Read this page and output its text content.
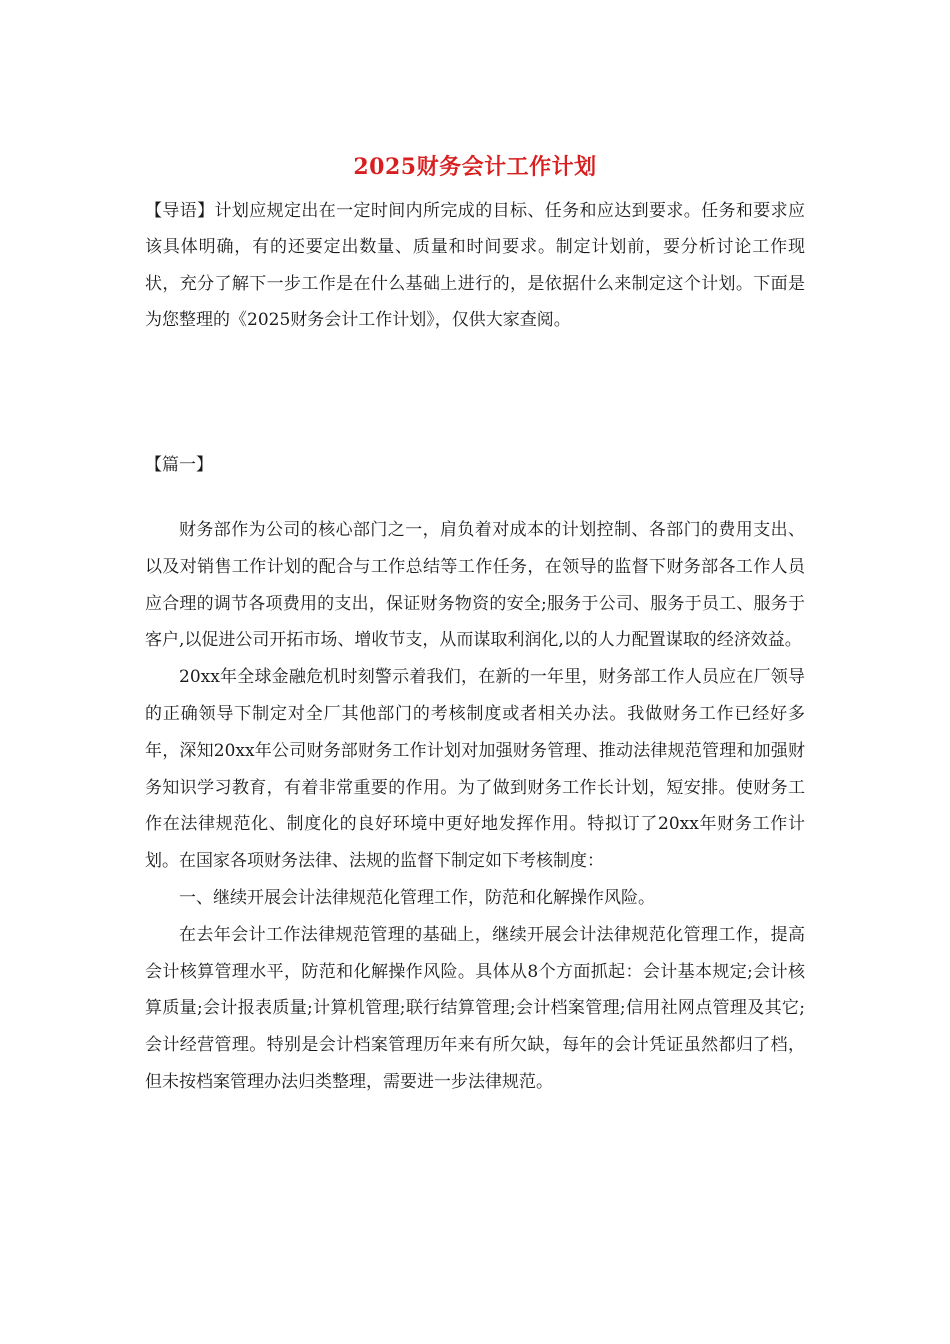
2025财务会计工作计划

【导语】计划应规定出在一定时间内所完成的目标、任务和应达到要求。任务和要求应该具体明确，有的还要定出数量、质量和时间要求。制定计划前，要分析讨论工作现状，充分了解下一步工作是在什么基础上进行的，是依据什么来制定这个计划。下面是为您整理的《2025财务会计工作计划》，仅供大家查阅。

【篇一】

财务部作为公司的核心部门之一，肩负着对成本的计划控制、各部门的费用支出、以及对销售工作计划的配合与工作总结等工作任务，在领导的监督下财务部各工作人员应合理的调节各项费用的支出，保证财务物资的安全;服务于公司、服务于员工、服务于客户,以促进公司开拓市场、增收节支，从而谋取利润化,以的人力配置谋取的经济效益。

20xx年全球金融危机时刻警示着我们，在新的一年里，财务部工作人员应在厂领导的正确领导下制定对全厂其他部门的考核制度或者相关办法。我做财务工作已经好多年，深知20xx年公司财务部财务工作计划对加强财务管理、推动法律规范管理和加强财务知识学习教育，有着非常重要的作用。为了做到财务工作长计划，短安排。使财务工作在法律规范化、制度化的良好环境中更好地发挥作用。特拟订了20xx年财务工作计划。在国家各项财务法律、法规的监督下制定如下考核制度：

一、继续开展会计法律规范化管理工作，防范和化解操作风险。

在去年会计工作法律规范管理的基础上，继续开展会计法律规范化管理工作，提高会计核算管理水平，防范和化解操作风险。具体从8个方面抓起：会计基本规定;会计核算质量;会计报表质量;计算机管理;联行结算管理;会计档案管理;信用社网点管理及其它;会计经营管理。特别是会计档案管理历年来有所欠缺，每年的会计凭证虽然都归了档，但未按档案管理办法归类整理，需要进一步法律规范。
